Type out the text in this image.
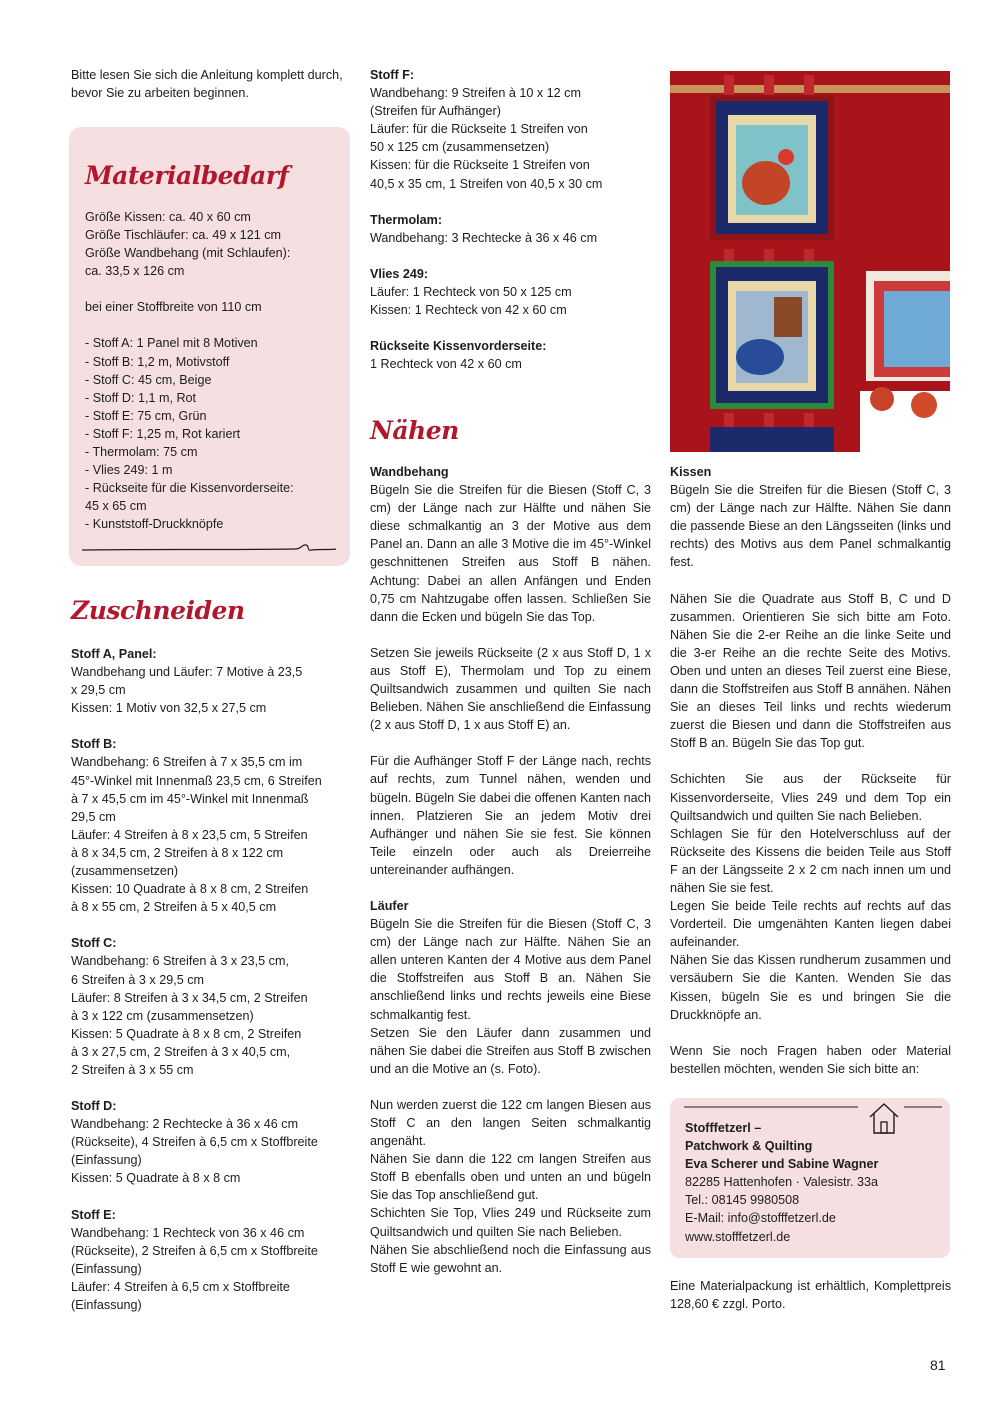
Bitte lesen Sie sich die Anleitung komplett durch, bevor Sie zu arbeiten beginnen.

Materialbedarf

Größe Kissen: ca. 40 x 60 cm
Größe Tischläufer: ca. 49 x 121 cm
Größe Wandbehang (mit Schlaufen):
ca. 33,5 x 126 cm

bei einer Stoffbreite von 110 cm

- Stoff A: 1 Panel mit 8 Motiven
- Stoff B: 1,2 m, Motivstoff
- Stoff C: 45 cm, Beige
- Stoff D: 1,1 m, Rot
- Stoff E: 75 cm, Grün
- Stoff F: 1,25 m, Rot kariert
- Thermolam: 75 cm
- Vlies 249: 1 m
- Rückseite für die Kissenvorderseite:
45 x 65 cm
- Kunststoff-Druckknöpfe

Zuschneiden

Stoff A, Panel:

Wandbehang und Läufer: 7 Motive à 23,5
x 29,5 cm
Kissen: 1 Motiv von 32,5 x 27,5 cm

Stoff B:

Wandbehang: 6 Streifen à 7 x 35,5 cm im
45°-Winkel mit Innenmaß 23,5 cm, 6 Streifen
à 7 x 45,5 cm im 45°-Winkel mit Innenmaß
29,5 cm
Läufer: 4 Streifen à 8 x 23,5 cm, 5 Streifen
à 8 x 34,5 cm, 2 Streifen à 8 x 122 cm
(zusammensetzen)
Kissen: 10 Quadrate à 8 x 8 cm, 2 Streifen
à 8 x 55 cm, 2 Streifen à 5 x 40,5 cm

Stoff C:

Wandbehang: 6 Streifen à 3 x 23,5 cm,
6 Streifen à 3 x 29,5 cm
Läufer: 8 Streifen à 3 x 34,5 cm, 2 Streifen
à 3 x 122 cm (zusammensetzen)
Kissen: 5 Quadrate à 8 x 8 cm, 2 Streifen
à 3 x 27,5 cm, 2 Streifen à 3 x 40,5 cm,
2 Streifen à 3 x 55 cm

Stoff D:

Wandbehang: 2 Rechtecke à 36 x 46 cm
(Rückseite), 4 Streifen à 6,5 cm x Stoffbreite
(Einfassung)
Kissen: 5 Quadrate à 8 x 8 cm

Stoff E:

Wandbehang: 1 Rechteck von 36 x 46 cm
(Rückseite), 2 Streifen à 6,5 cm x Stoffbreite
(Einfassung)
Läufer: 4 Streifen à 6,5 cm x Stoffbreite
(Einfassung)

Stoff F:

Wandbehang: 9 Streifen à 10 x 12 cm
(Streifen für Aufhänger)
Läufer: für die Rückseite 1 Streifen von
50 x 125 cm (zusammensetzen)
Kissen: für die Rückseite 1 Streifen von
40,5 x 35 cm, 1 Streifen von 40,5 x 30 cm

Thermolam:

Wandbehang: 3 Rechtecke à 36 x 46 cm

Vlies 249:

Läufer: 1 Rechteck von 50 x 125 cm
Kissen: 1 Rechteck von 42 x 60 cm

Rückseite Kissenvorderseite:

1 Rechteck von 42 x 60 cm

Nähen

Wandbehang

Bügeln Sie die Streifen für die Biesen (Stoff C, 3 cm) der Länge nach zur Hälfte und nähen Sie diese schmalkantig an 3 der Motive aus dem Panel an. Dann an alle 3 Motive die im 45°-Winkel geschnittenen Streifen aus Stoff B nähen. Achtung: Dabei an allen Anfängen und Enden 0,75 cm Nahtzugabe offen lassen. Schließen Sie dann die Ecken und bügeln Sie das Top.

Setzen Sie jeweils Rückseite (2 x aus Stoff D, 1 x aus Stoff E), Thermolam und Top zu einem Quiltsandwich zusammen und quilten Sie nach Belieben. Nähen Sie anschließend die Einfassung (2 x aus Stoff D, 1 x aus Stoff E) an.

Für die Aufhänger Stoff F der Länge nach, rechts auf rechts, zum Tunnel nähen, wenden und bügeln. Bügeln Sie dabei die offenen Kanten nach innen. Platzieren Sie an jedem Motiv drei Aufhänger und nähen Sie sie fest. Sie können Teile einzeln oder auch als Dreierreihe untereinander aufhängen.

Läufer

Bügeln Sie die Streifen für die Biesen (Stoff C, 3 cm) der Länge nach zur Hälfte. Nähen Sie an allen unteren Kanten der 4 Motive aus dem Panel die Stoffstreifen aus Stoff B an. Nähen Sie anschließend links und rechts jeweils eine Biese schmalkantig fest.

Setzen Sie den Läufer dann zusammen und nähen Sie dabei die Streifen aus Stoff B zwischen und an die Motive an (s. Foto).

Nun werden zuerst die 122 cm langen Biesen aus Stoff C an den langen Seiten schmalkantig angenäht.

Nähen Sie dann die 122 cm langen Streifen aus Stoff B ebenfalls oben und unten an und bügeln Sie das Top anschließend gut.

Schichten Sie Top, Vlies 249 und Rückseite zum Quiltsandwich und quilten Sie nach Belieben.

Nähen Sie abschließend noch die Einfassung aus Stoff E wie gewohnt an.

Kissen

Bügeln Sie die Streifen für die Biesen (Stoff C, 3 cm) der Länge nach zur Hälfte. Nähen Sie dann die passende Biese an den Längsseiten (links und rechts) des Motivs aus dem Panel schmalkantig fest.

Nähen Sie die Quadrate aus Stoff B, C und D zusammen. Orientieren Sie sich bitte am Foto. Nähen Sie die 2-er Reihe an die linke Seite und die 3-er Reihe an die rechte Seite des Motivs. Oben und unten an dieses Teil zuerst eine Biese, dann die Stoffstreifen aus Stoff B annähen. Nähen Sie an dieses Teil links und rechts wiederum zuerst die Biesen und dann die Stoffstreifen aus Stoff B an. Bügeln Sie das Top gut.

Schichten Sie aus der Rückseite für Kissenvorderseite, Vlies 249 und dem Top ein Quiltsandwich und quilten Sie nach Belieben.

Schlagen Sie für den Hotelverschluss auf der Rückseite des Kissens die beiden Teile aus Stoff F an der Längsseite 2 x 2 cm nach innen um und nähen Sie sie fest.

Legen Sie beide Teile rechts auf rechts auf das Vorderteil. Die umgenähten Kanten liegen dabei aufeinander.

Nähen Sie das Kissen rundherum zusammen und versäubern Sie die Kanten. Wenden Sie das Kissen, bügeln Sie es und bringen Sie die Druckknöpfe an.

Wenn Sie noch Fragen haben oder Material bestellen möchten, wenden Sie sich bitte an:

Stofffetzerl –

Patchwork & Quilting

Eva Scherer und Sabine Wagner

82285 Hattenhofen · Valesistr. 33a

Tel.: 08145 9980508

E-Mail: info@stofffetzerl.de

www.stofffetzerl.de

Eine Materialpackung ist erhältlich, Komplettpreis 128,60 € zzgl. Porto.

81
